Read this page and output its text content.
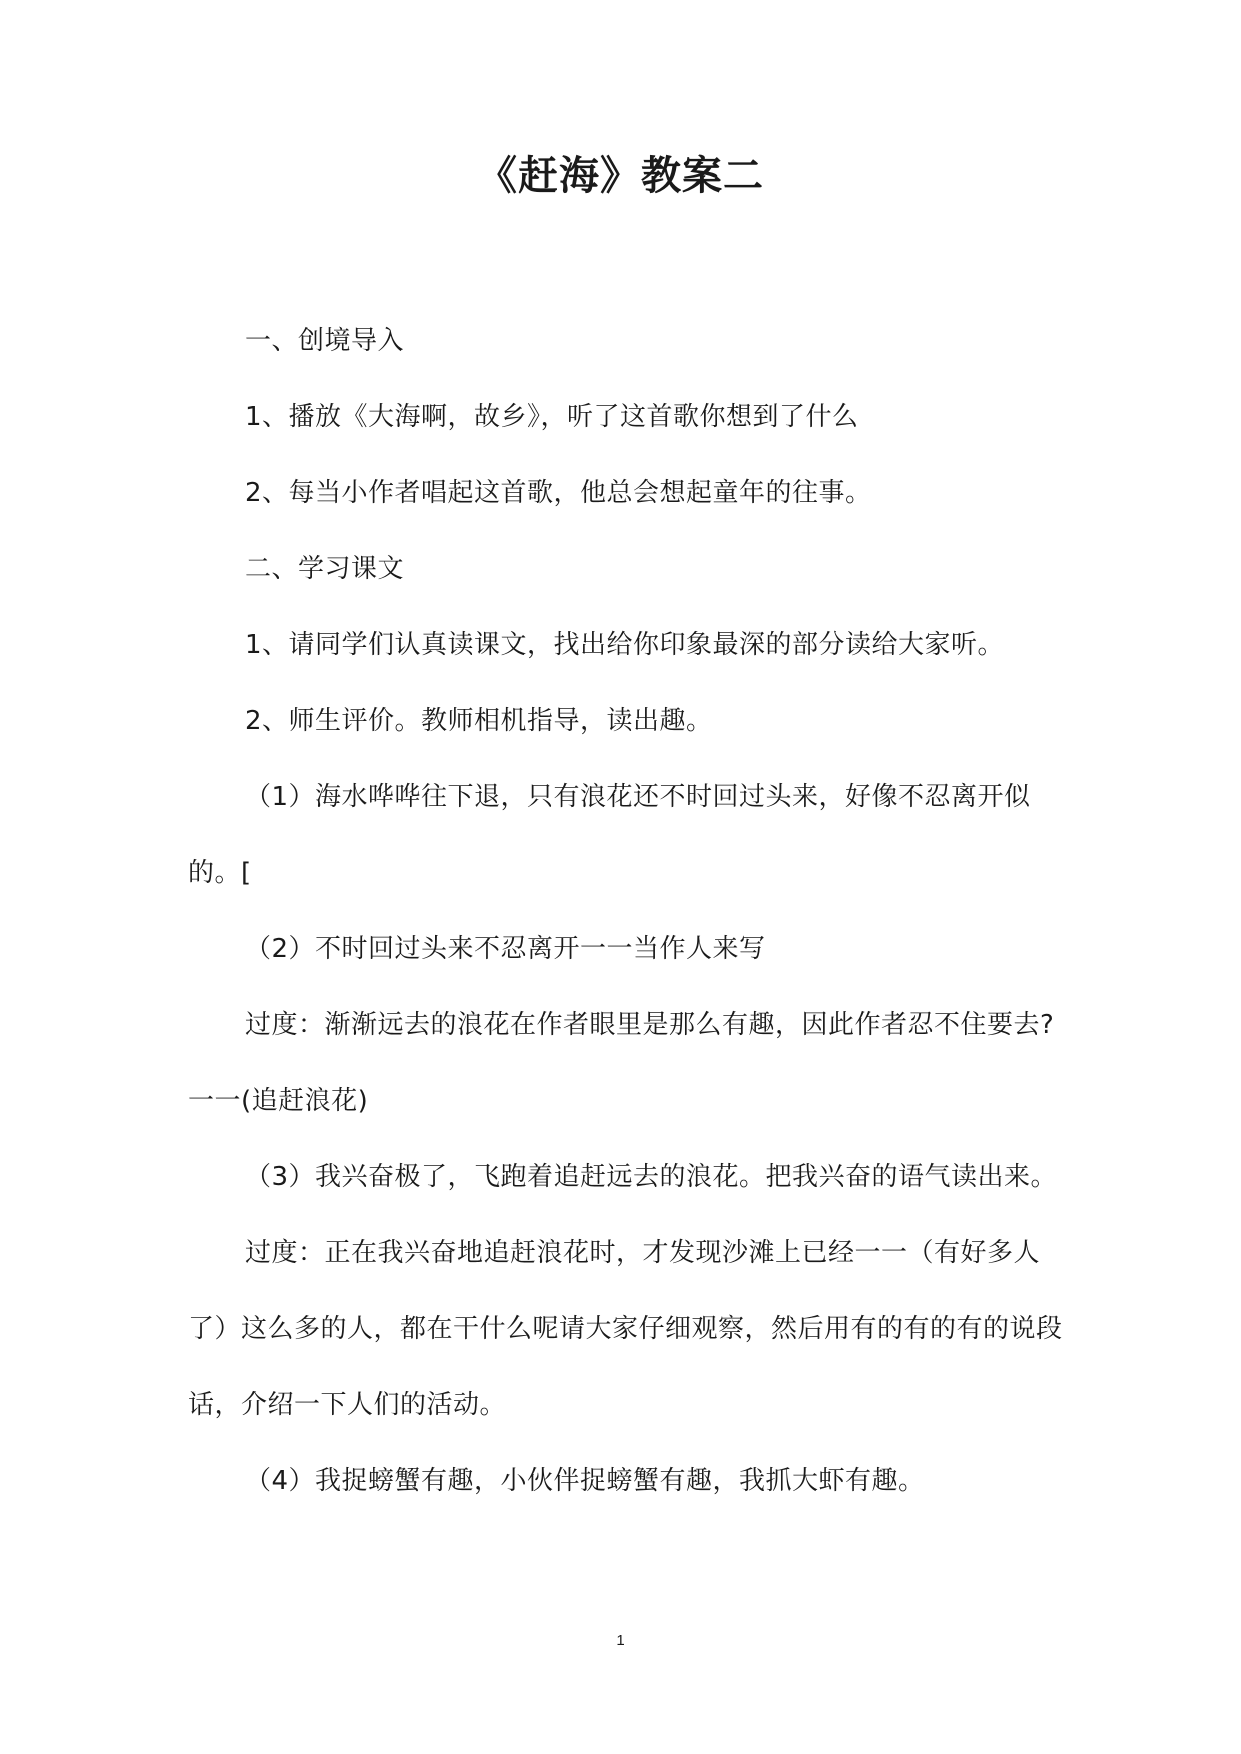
《赶海》教案二

一、创境导入

1、播放《大海啊，故乡》，听了这首歌你想到了什么

2、每当小作者唱起这首歌，他总会想起童年的往事。

二、学习课文

1、请同学们认真读课文，找出给你印象最深的部分读给大家听。

2、师生评价。教师相机指导，读出趣。

（1）海水哗哗往下退，只有浪花还不时回过头来，好像不忍离开似的。[

（2）不时回过头来不忍离开一一当作人来写

过度：渐渐远去的浪花在作者眼里是那么有趣，因此作者忍不住要去?一一(追赶浪花)

（3）我兴奋极了，飞跑着追赶远去的浪花。把我兴奋的语气读出来。

过度：正在我兴奋地追赶浪花时，才发现沙滩上已经一一（有好多人了）这么多的人，都在干什么呢请大家仔细观察，然后用有的有的有的说段话，介绍一下人们的活动。

（4）我捉螃蟹有趣，小伙伴捉螃蟹有趣，我抓大虾有趣。

1
